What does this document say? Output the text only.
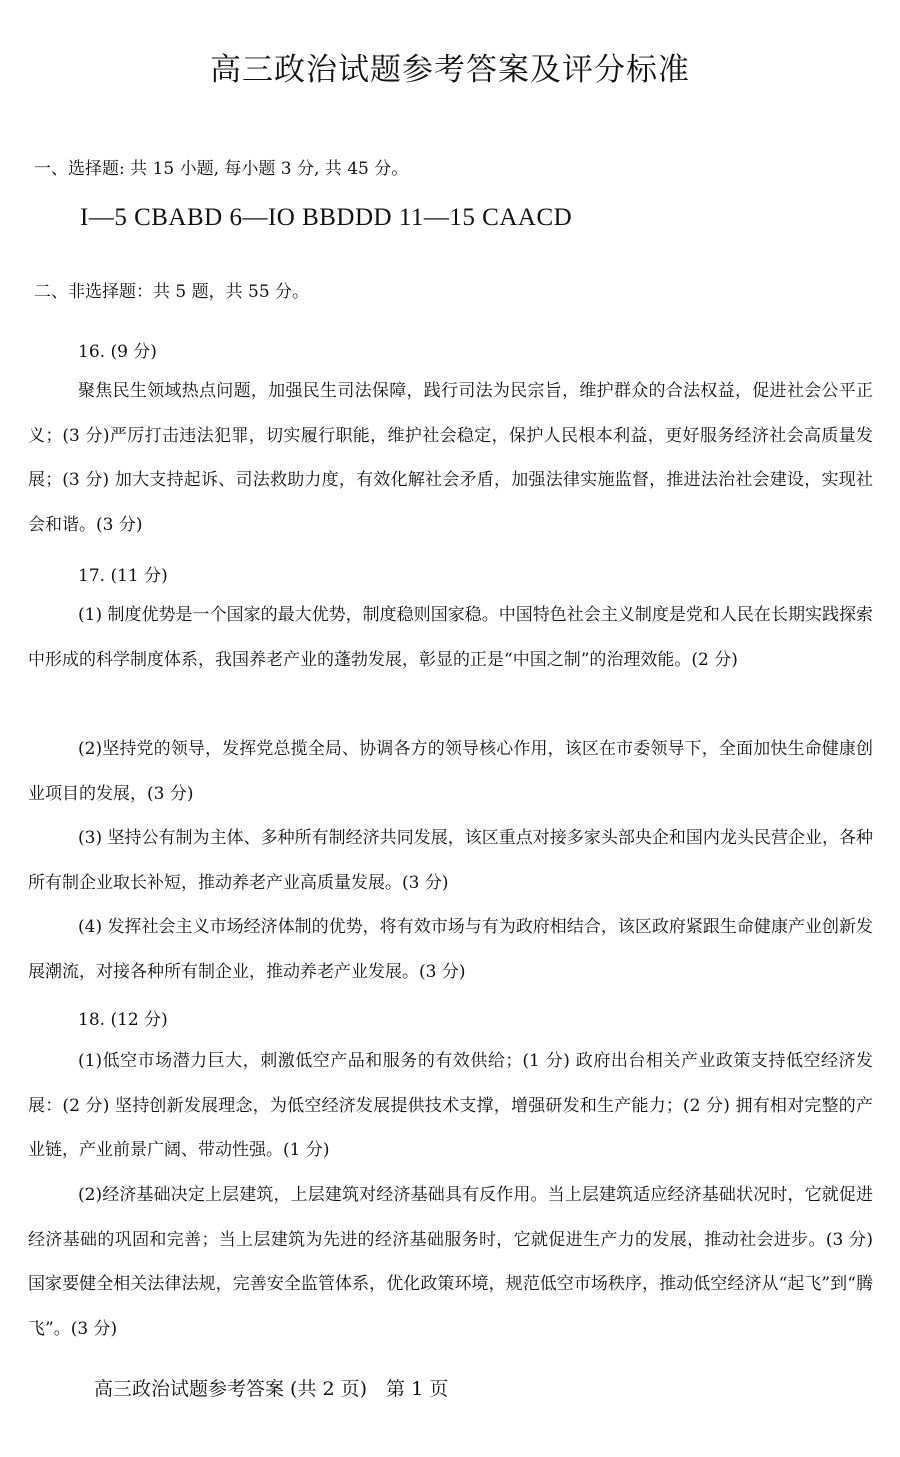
高三政治试题参考答案及评分标准
一、选择题: 共 15 小题, 每小题 3 分, 共 45 分。
I—5 CBABD 6—IO BBDDD 11—15 CAACD
二、非选择题：共 5 题，共 55 分。
16. (9 分)

聚焦民生领域热点问题，加强民生司法保障，践行司法为民宗旨，维护群众的合法权益，促进社会公平正义；(3 分)严厉打击违法犯罪，切实履行职能，维护社会稳定，保护人民根本利益，更好服务经济社会高质量发展；(3 分) 加大支持起诉、司法救助力度，有效化解社会矛盾，加强法律实施监督，推进法治社会建设，实现社会和谐。(3 分)

17. (11 分)

(1) 制度优势是一个国家的最大优势，制度稳则国家稳。中国特色社会主义制度是党和人民在长期实践探索中形成的科学制度体系，我国养老产业的蓬勃发展，彰显的正是“中国之制”的治理效能。(2 分)

(2)坚持党的领导，发挥党总揽全局、协调各方的领导核心作用，该区在市委领导下，全面加快生命健康创业项目的发展，(3 分)

(3) 坚持公有制为主体、多种所有制经济共同发展，该区重点对接多家头部央企和国内龙头民营企业，各种所有制企业取长补短，推动养老产业高质量发展。(3 分)

(4) 发挥社会主义市场经济体制的优势，将有效市场与有为政府相结合，该区政府紧跟生命健康产业创新发展潮流，对接各种所有制企业，推动养老产业发展。(3 分)

18. (12 分)

(1)低空市场潜力巨大，刺激低空产品和服务的有效供给；(1 分) 政府出台相关产业政策支持低空经济发展：(2 分) 坚持创新发展理念，为低空经济发展提供技术支撑，增强研发和生产能力；(2 分) 拥有相对完整的产业链，产业前景广阔、带动性强。(1 分)

(2)经济基础决定上层建筑，上层建筑对经济基础具有反作用。当上层建筑适应经济基础状况时，它就促进经济基础的巩固和完善；当上层建筑为先进的经济基础服务时，它就促进生产力的发展，推动社会进步。(3 分) 国家要健全相关法律法规，完善安全监管体系，优化政策环境，规范低空市场秩序，推动低空经济从“起飞”到“腾飞”。(3 分)

高三政治试题参考答案 (共 2 页)　第 1 页
